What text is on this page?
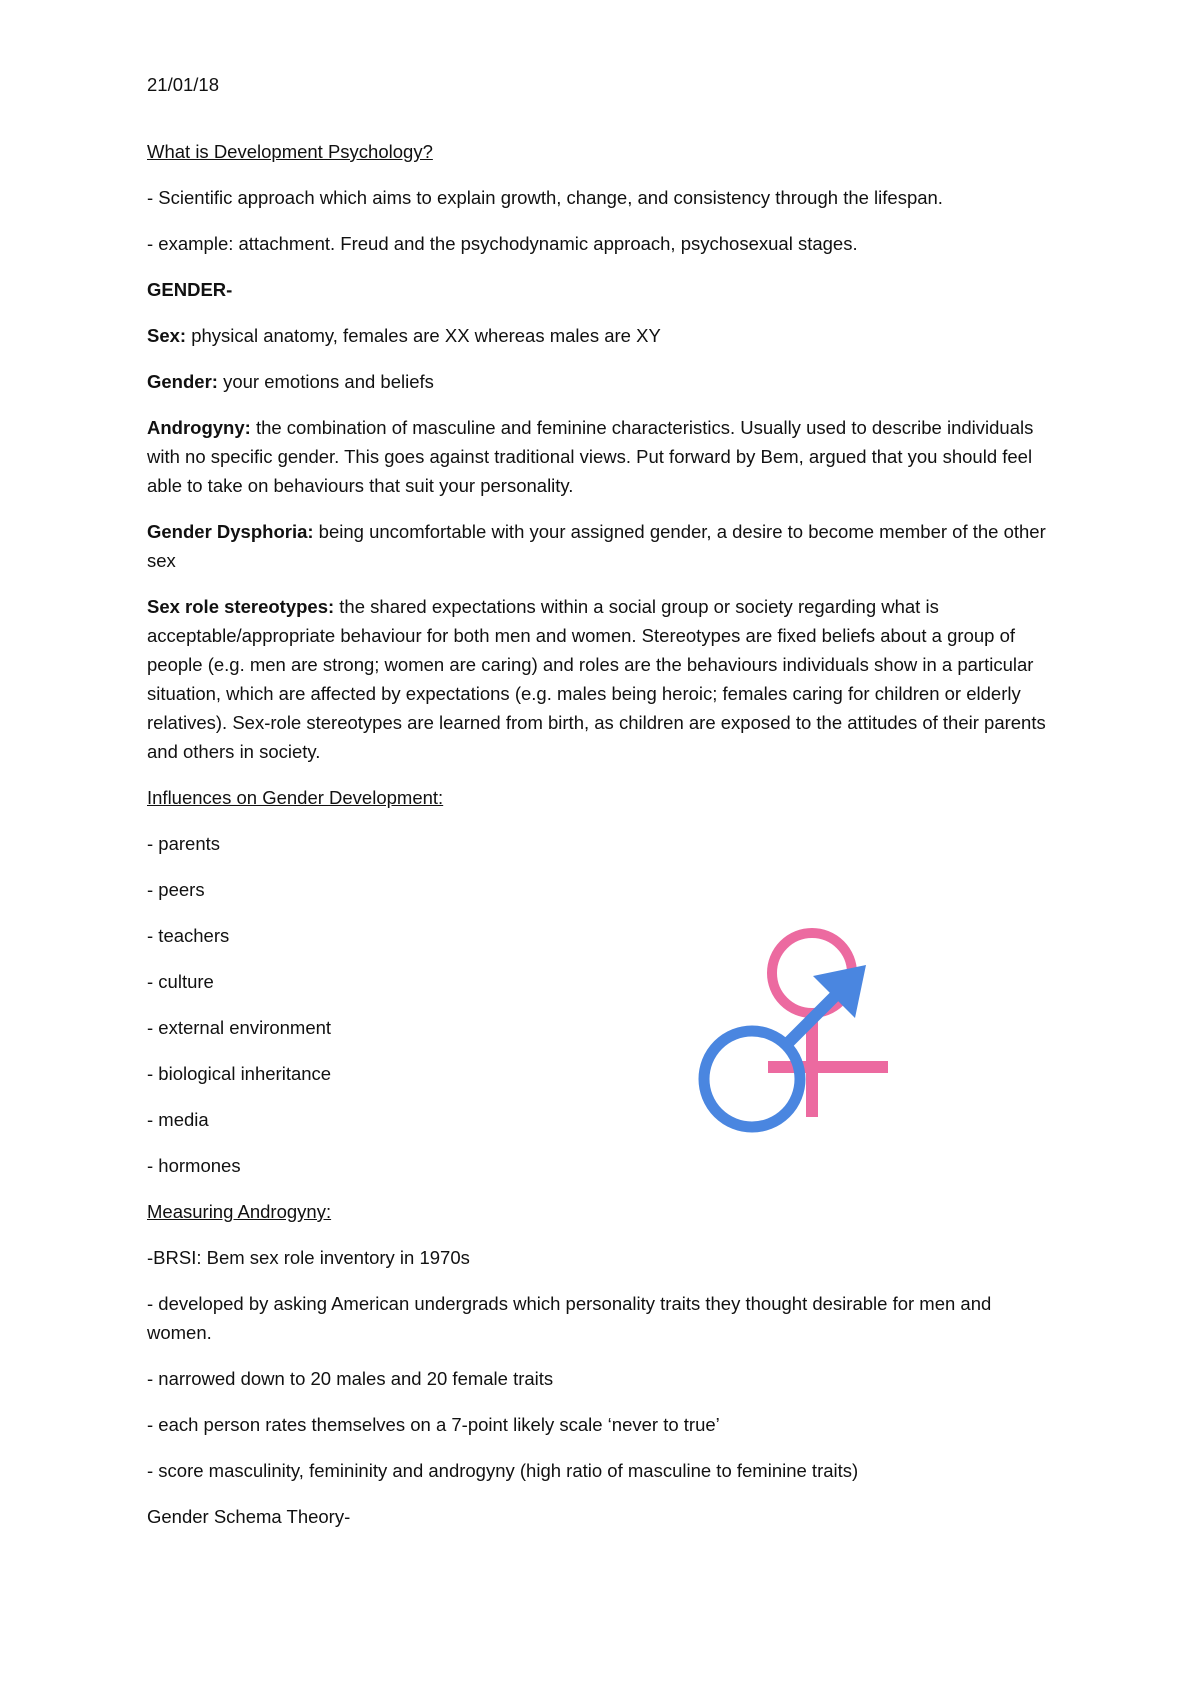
21/01/18
What is Development Psychology?
- Scientific approach which aims to explain growth, change, and consistency through the lifespan.
- example: attachment. Freud and the psychodynamic approach, psychosexual stages.
GENDER-
Sex: physical anatomy, females are XX whereas males are XY
Gender: your emotions and beliefs
Androgyny: the combination of masculine and feminine characteristics. Usually used to describe individuals with no specific gender. This goes against traditional views. Put forward by Bem, argued that you should feel able to take on behaviours that suit your personality.
Gender Dysphoria: being uncomfortable with your assigned gender, a desire to become member of the other sex
Sex role stereotypes: the shared expectations within a social group or society regarding what is acceptable/appropriate behaviour for both men and women. Stereotypes are fixed beliefs about a group of people (e.g. men are strong; women are caring) and roles are the behaviours individuals show in a particular situation, which are affected by expectations (e.g. males being heroic; females caring for children or elderly relatives). Sex-role stereotypes are learned from birth, as children are exposed to the attitudes of their parents and others in society.
Influences on Gender Development:
- parents
- peers
- teachers
- culture
- external environment
- biological inheritance
- media
- hormones
Measuring Androgyny:
-BRSI: Bem sex role inventory in 1970s
- developed by asking American undergrads which personality traits they thought desirable for men and women.
- narrowed down to 20 males and 20 female traits
- each person rates themselves on a 7-point likely scale ‘never to true’
- score masculinity, femininity and androgyny (high ratio of masculine to feminine traits)
Gender Schema Theory-
